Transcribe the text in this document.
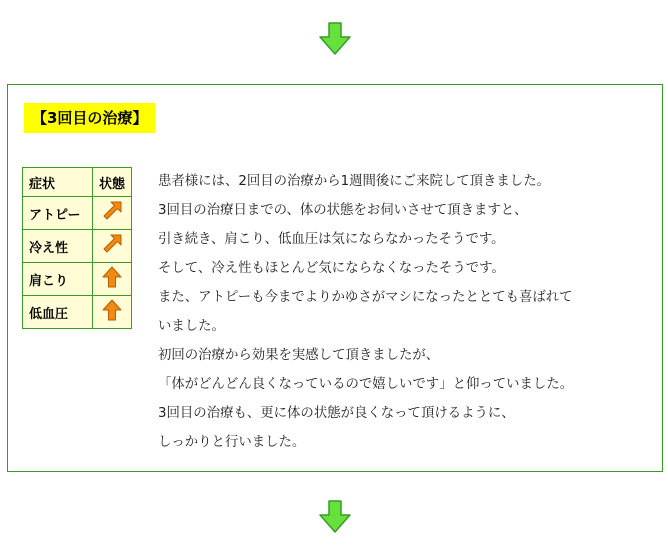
【3回目の治療】
症状	状態
アトピー	
冷え性	
肩こり	
低血圧	

患者様には、2回目の治療から1週間後にご来院して頂きました。

3回目の治療日までの、体の状態をお伺いさせて頂きますと、

引き続き、肩こり、低血圧は気にならなかったそうです。

そして、冷え性もほとんど気にならなくなったそうです。

また、アトピーも今までよりかゆさがマシになったととても喜ばれて

いました。

初回の治療から効果を実感して頂きましたが、

「体がどんどん良くなっているので嬉しいです」と仰っていました。

3回目の治療も、更に体の状態が良くなって頂けるように、

しっかりと行いました。
